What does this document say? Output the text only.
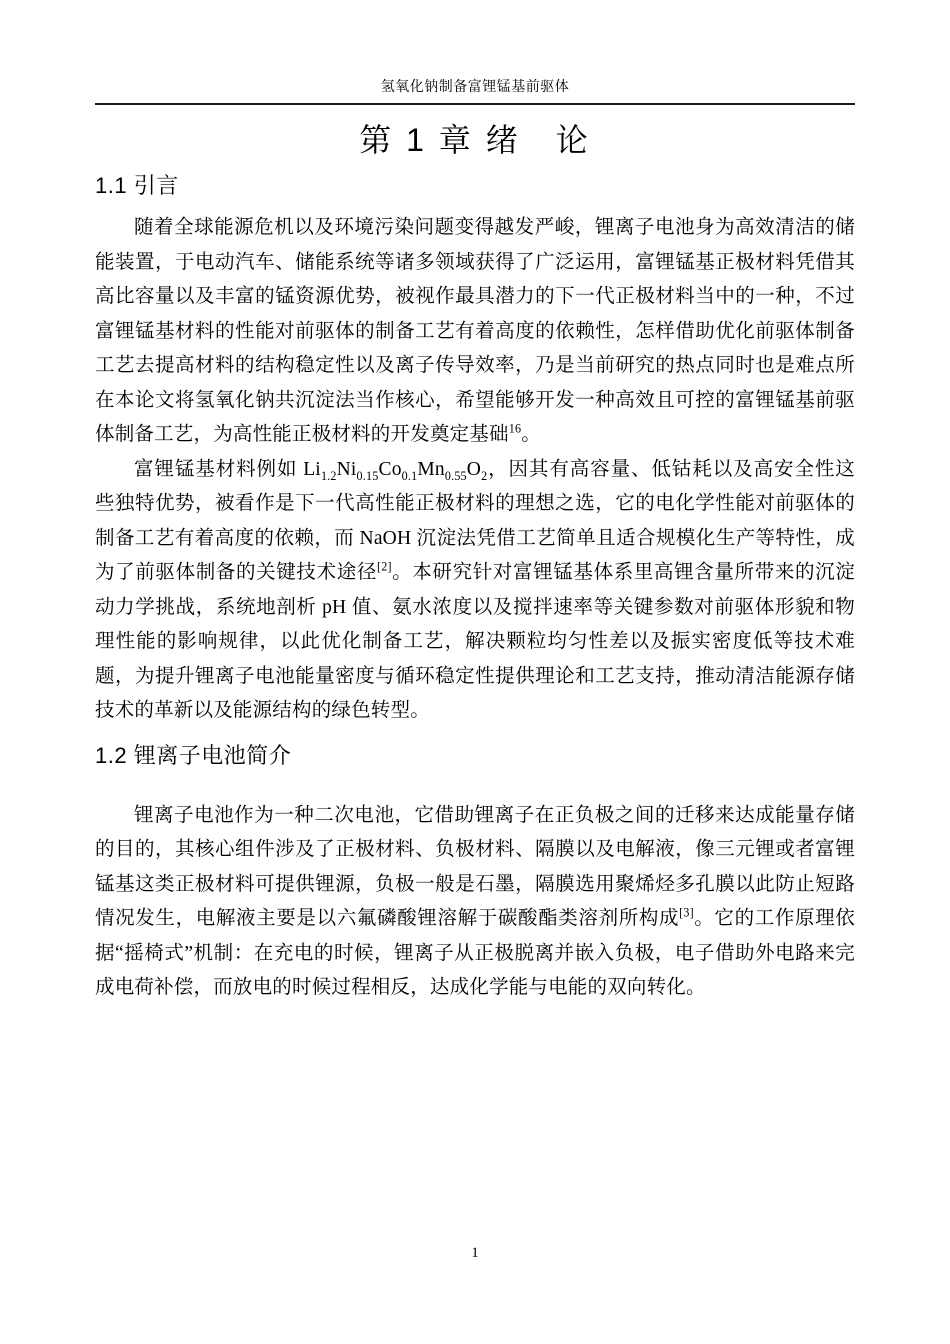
氢氧化钠制备富锂锰基前驱体
第 1 章 绪　论
1.1 引言

随着全球能源危机以及环境污染问题变得越发严峻，锂离子电池身为高效清洁的储能装置，于电动汽车、储能系统等诸多领域获得了广泛运用，富锂锰基正极材料凭借其高比容量以及丰富的锰资源优势，被视作最具潜力的下一代正极材料当中的一种，不过富锂锰基材料的性能对前驱体的制备工艺有着高度的依赖性，怎样借助优化前驱体制备工艺去提高材料的结构稳定性以及离子传导效率，乃是当前研究的热点同时也是难点所在本论文将氢氧化钠共沉淀法当作核心，希望能够开发一种高效且可控的富锂锰基前驱体制备工艺，为高性能正极材料的开发奠定基础$^{16}$。

富锂锰基材料例如 $Li_{1.2}Ni_{0.15}Co_{0.1}Mn_{0.55}O_2$，因其有高容量、低钴耗以及高安全性这些独特优势，被看作是下一代高性能正极材料的理想之选，它的电化学性能对前驱体的制备工艺有着高度的依赖，而 NaOH 沉淀法凭借工艺简单且适合规模化生产等特性，成为了前驱体制备的关键技术途径[2]。本研究针对富锂锰基体系里高锂含量所带来的沉淀动力学挑战，系统地剖析 pH 值、氨水浓度以及搅拌速率等关键参数对前驱体形貌和物理性能的影响规律，以此优化制备工艺，解决颗粒均匀性差以及振实密度低等技术难题，为提升锂离子电池能量密度与循环稳定性提供理论和工艺支持，推动清洁能源存储技术的革新以及能源结构的绿色转型。

1.2 锂离子电池简介

锂离子电池作为一种二次电池，它借助锂离子在正负极之间的迁移来达成能量存储的目的，其核心组件涉及了正极材料、负极材料、隔膜以及电解液，像三元锂或者富锂锰基这类正极材料可提供锂源，负极一般是石墨，隔膜选用聚烯烃多孔膜以此防止短路情况发生，电解液主要是以六氟磷酸锂溶解于碳酸酯类溶剂所构成[3]。它的工作原理依据“摇椅式”机制：在充电的时候，锂离子从正极脱离并嵌入负极，电子借助外电路来完成电荷补偿，而放电的时候过程相反，达成化学能与电能的双向转化。

1
